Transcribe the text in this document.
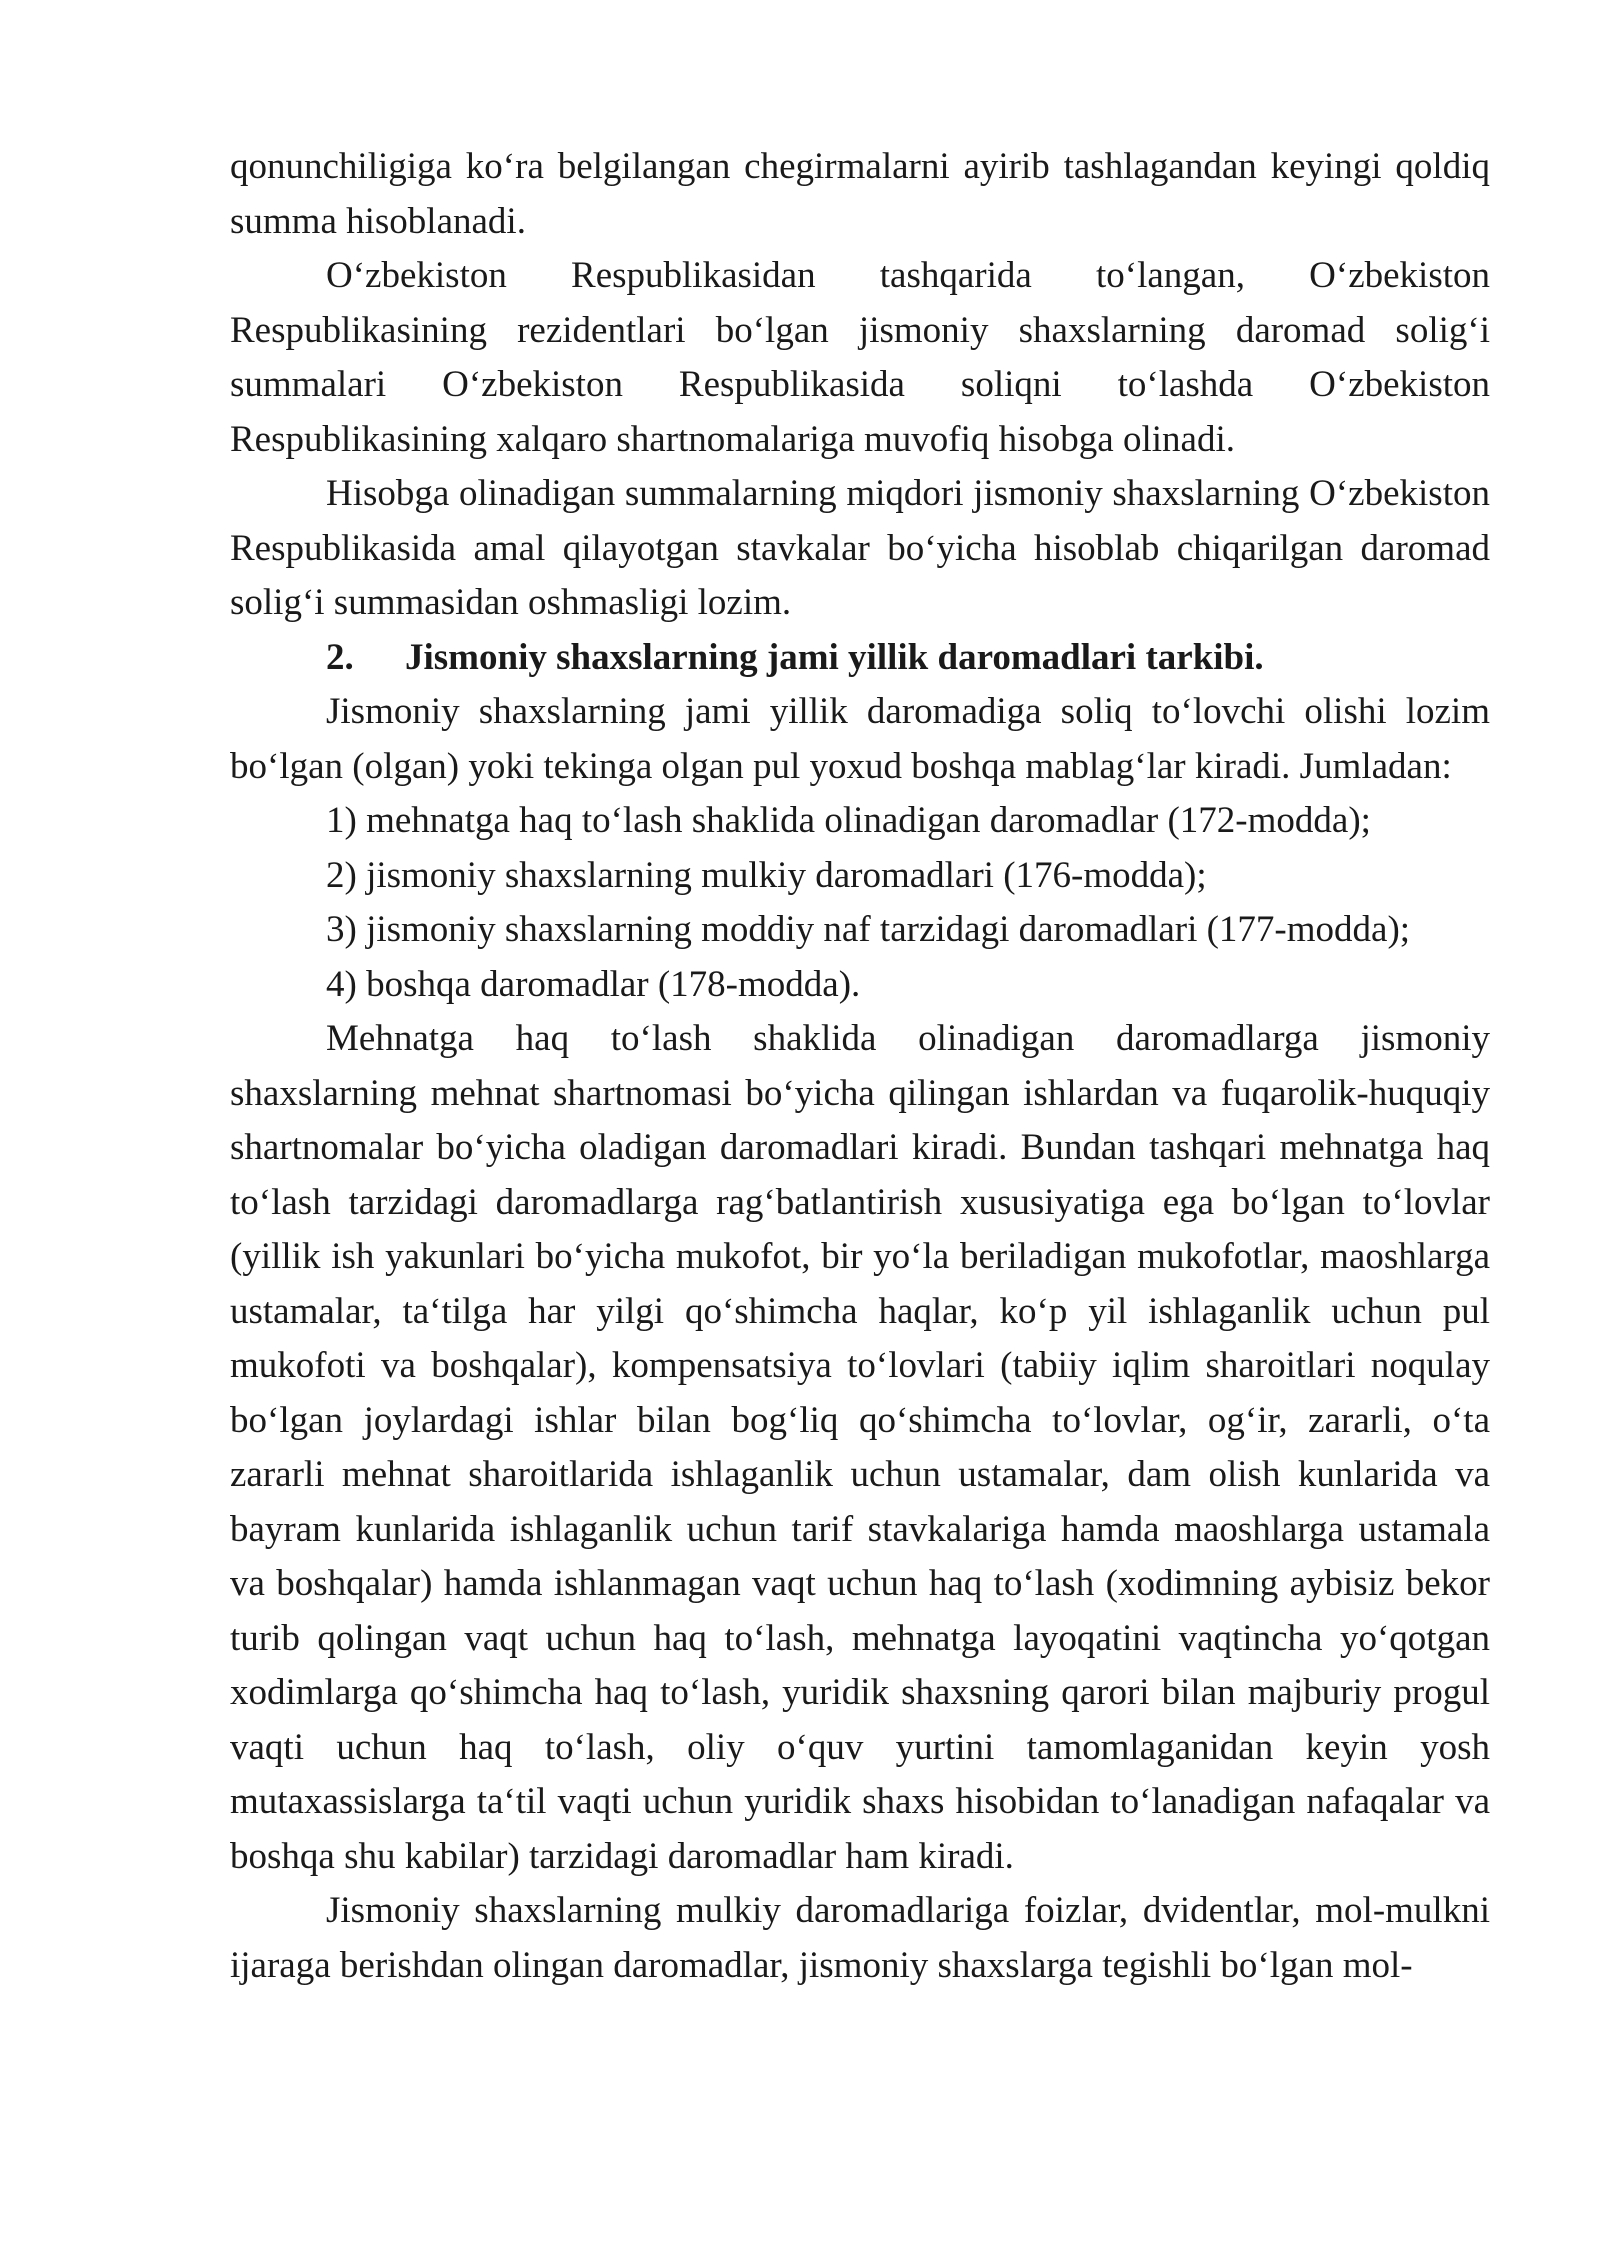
qonunchiligiga koʻra belgilangan chegirmalarni ayirib tashlagandan keyingi qoldiq summa hisoblanadi.

Oʻzbekiston Respublikasidan tashqarida toʻlangan, Oʻzbekiston Respublikasining rezidentlari boʻlgan jismoniy shaxslarning daromad soligʻi summalari Oʻzbekiston Respublikasida soliqni toʻlashda Oʻzbekiston Respublikasining xalqaro shartnomalariga muvofiq hisobga olinadi.

Hisobga olinadigan summalarning miqdori jismoniy shaxslarning Oʻzbekiston Respublikasida amal qilayotgan stavkalar boʻyicha hisoblab chiqarilgan daromad soligʻi summasidan oshmasligi lozim.

2. Jismoniy shaxslarning jami yillik daromadlari tarkibi.

Jismoniy shaxslarning jami yillik daromadiga soliq toʻlovchi olishi lozim boʻlgan (olgan) yoki tekinga olgan pul yoxud boshqa mablagʻlar kiradi. Jumladan:

1) mehnatga haq toʻlash shaklida olinadigan daromadlar (172-modda);

2) jismoniy shaxslarning mulkiy daromadlari (176-modda);

3) jismoniy shaxslarning moddiy naf tarzidagi daromadlari (177-modda);

4) boshqa daromadlar (178-modda).

Mehnatga haq toʻlash shaklida olinadigan daromadlarga jismoniy shaxslarning mehnat shartnomasi boʻyicha qilingan ishlardan va fuqarolik-huquqiy shartnomalar boʻyicha oladigan daromadlari kiradi. Bundan tashqari mehnatga haq toʻlash tarzidagi daromadlarga ragʻbatlantirish xususiyatiga ega boʻlgan toʻlovlar (yillik ish yakunlari boʻyicha mukofot, bir yoʻla beriladigan mukofotlar, maoshlarga ustamalar, taʻtilga har yilgi qoʻshimcha haqlar, koʻp yil ishlaganlik uchun pul mukofoti va boshqalar), kompensatsiya toʻlovlari (tabiiy iqlim sharoitlari noqulay boʻlgan joylardagi ishlar bilan bogʻliq qoʻshimcha toʻlovlar, ogʻir, zararli, oʻta zararli mehnat sharoitlarida ishlaganlik uchun ustamalar, dam olish kunlarida va bayram kunlarida ishlaganlik uchun tarif stavkalariga hamda maoshlarga ustamala va boshqalar) hamda ishlanmagan vaqt uchun haq toʻlash (xodimning aybisiz bekor turib qolingan vaqt uchun haq toʻlash, mehnatga layoqatini vaqtincha yoʻqotgan xodimlarga qoʻshimcha haq toʻlash, yuridik shaxsning qarori bilan majburiy progul vaqti uchun haq toʻlash, oliy oʻquv yurtini tamomlaganidan keyin yosh mutaxassislarga taʻtil vaqti uchun yuridik shaxs hisobidan toʻlanadigan nafaqalar va boshqa shu kabilar) tarzidagi daromadlar ham kiradi.

Jismoniy shaxslarning mulkiy daromadlariga foizlar, dvidentlar, mol-mulkni ijaraga berishdan olingan daromadlar, jismoniy shaxslarga tegishli boʻlgan mol-
